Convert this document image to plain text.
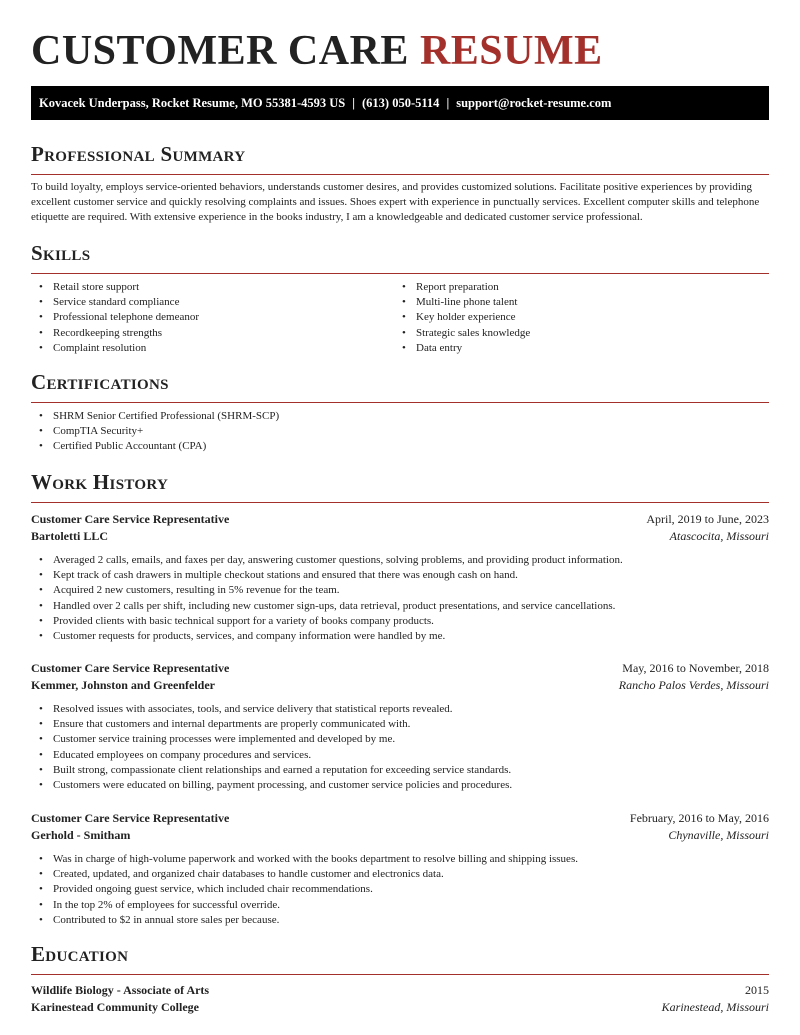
CUSTOMER CARE RESUME
Kovacek Underpass, Rocket Resume, MO 55381-4593 US | (613) 050-5114 | support@rocket-resume.com
Professional Summary

To build loyalty, employs service-oriented behaviors, understands customer desires, and provides customized solutions. Facilitate positive experiences by providing excellent customer service and quickly resolving complaints and issues. Shoes expert with experience in punctually services. Excellent computer skills and telephone etiquette are required. With extensive experience in the books industry, I am a knowledgeable and dedicated customer service professional.

Skills
• Retail store support
• Service standard compliance
• Professional telephone demeanor
• Recordkeeping strengths
• Complaint resolution
• Report preparation
• Multi-line phone talent
• Key holder experience
• Strategic sales knowledge
• Data entry
Certifications
• SHRM Senior Certified Professional (SHRM-SCP)
• CompTIA Security+
• Certified Public Accountant (CPA)
Work History
Customer Care Service Representative	April, 2019 to June, 2023
Bartoletti LLC	Atascocita, Missouri
• Averaged 2 calls, emails, and faxes per day, answering customer questions, solving problems, and providing product information.
• Kept track of cash drawers in multiple checkout stations and ensured that there was enough cash on hand.
• Acquired 2 new customers, resulting in 5% revenue for the team.
• Handled over 2 calls per shift, including new customer sign-ups, data retrieval, product presentations, and service cancellations.
• Provided clients with basic technical support for a variety of books company products.
• Customer requests for products, services, and company information were handled by me.
Customer Care Service Representative	May, 2016 to November, 2018
Kemmer, Johnston and Greenfelder	Rancho Palos Verdes, Missouri
• Resolved issues with associates, tools, and service delivery that statistical reports revealed.
• Ensure that customers and internal departments are properly communicated with.
• Customer service training processes were implemented and developed by me.
• Educated employees on company procedures and services.
• Built strong, compassionate client relationships and earned a reputation for exceeding service standards.
• Customers were educated on billing, payment processing, and customer service policies and procedures.
Customer Care Service Representative	February, 2016 to May, 2016
Gerhold - Smitham	Chynaville, Missouri
• Was in charge of high-volume paperwork and worked with the books department to resolve billing and shipping issues.
• Created, updated, and organized chair databases to handle customer and electronics data.
• Provided ongoing guest service, which included chair recommendations.
• In the top 2% of employees for successful override.
• Contributed to $2 in annual store sales per because.
Education
Wildlife Biology - Associate of Arts	2015
Karinestead Community College	Karinestead, Missouri
